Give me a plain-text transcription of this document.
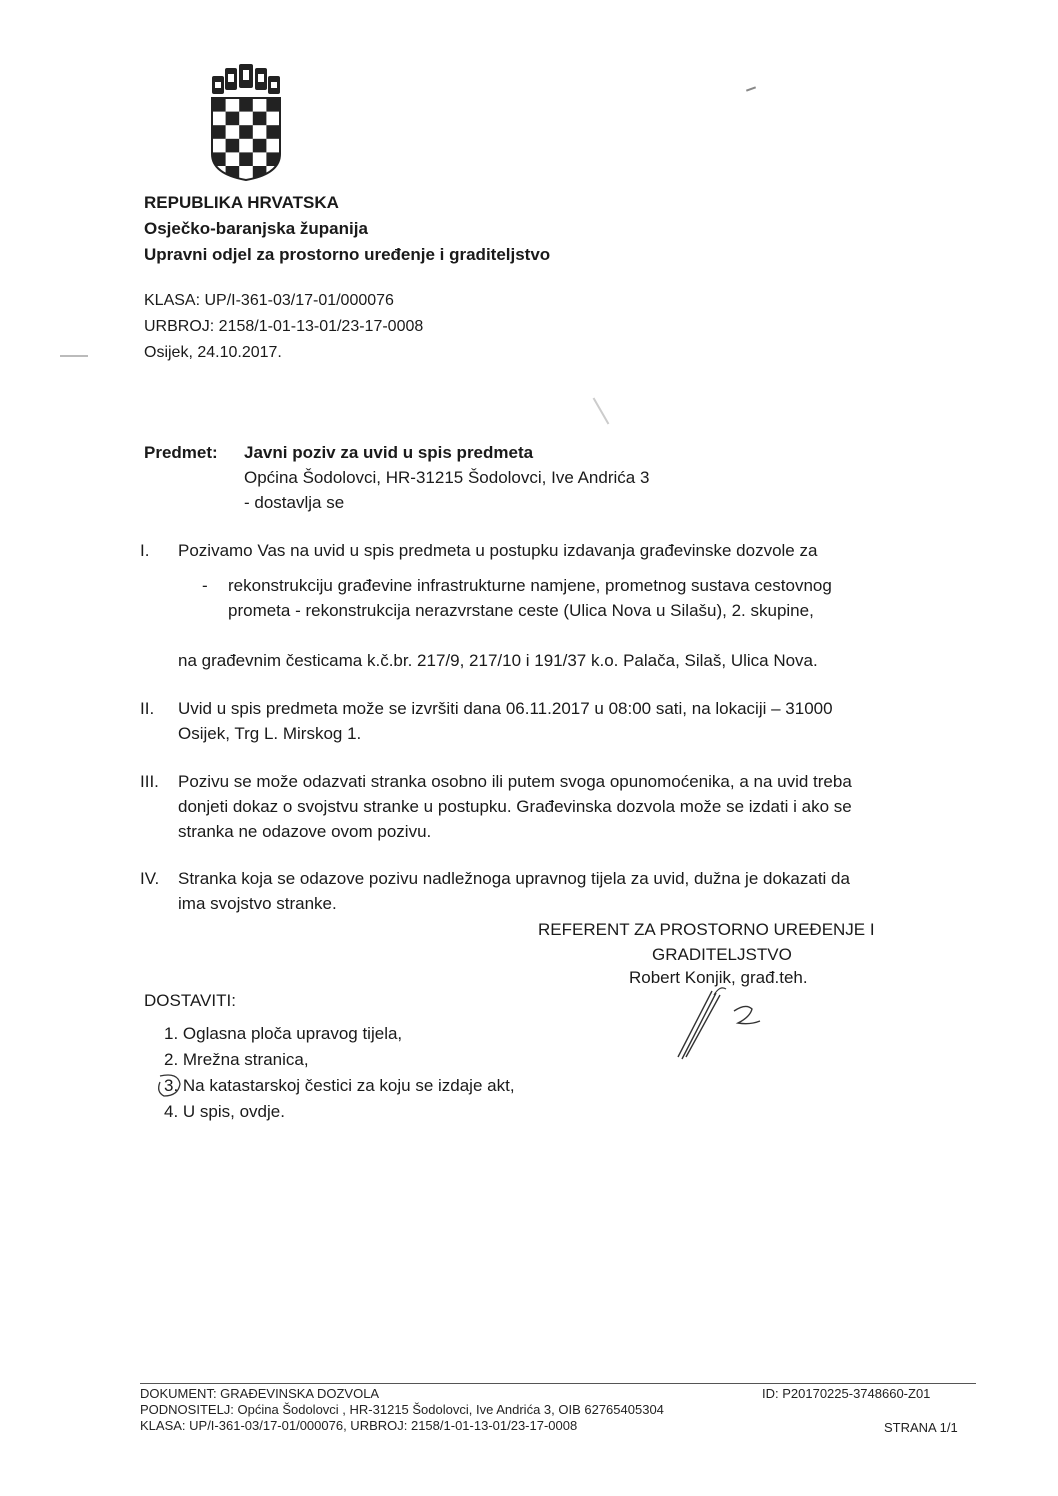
REPUBLIKA HRVATSKA
Osječko-baranjska županija
Upravni odjel za prostorno uređenje i graditeljstvo
KLASA: UP/I-361-03/17-01/000076
URBROJ: 2158/1-01-13-01/23-17-0008
Osijek, 24.10.2017.
Predmet: Javni poziv za uvid u spis predmeta
Općina Šodolovci, HR-31215 Šodolovci, Ive Andrića 3
- dostavlja se
I. Pozivamo Vas na uvid u spis predmeta u postupku izdavanja građevinske dozvole za
- rekonstrukciju građevine infrastrukturne namjene, prometnog sustava cestovnog
prometa - rekonstrukcija nerazvrstane ceste (Ulica Nova u Silašu), 2. skupine,
na građevnim česticama k.č.br. 217/9, 217/10 i 191/37 k.o. Palača, Silaš, Ulica Nova.
II. Uvid u spis predmeta može se izvršiti dana 06.11.2017 u 08:00 sati, na lokaciji – 31000
Osijek, Trg L. Mirskog 1.
III. Pozivu se može odazvati stranka osobno ili putem svoga opunomoćenika, a na uvid treba
donjeti dokaz o svojstvu stranke u postupku. Građevinska dozvola može se izdati i ako se
stranka ne odazove ovom pozivu.
IV. Stranka koja se odazove pozivu nadležnoga upravnog tijela za uvid, dužna je dokazati da
ima svojstvo stranke.
REFERENT ZA PROSTORNO UREĐENJE I
GRADITELJSTVO
Robert Konjik, građ.teh.
DOSTAVITI:
1. Oglasna ploča upravog tijela,
2. Mrežna stranica,
3. Na katastarskoj čestici za koju se izdaje akt,
4. U spis, ovdje.
DOKUMENT: GRAĐEVINSKA DOZVOLA	ID: P20170225-3748660-Z01
PODNOSITELJ: Općina Šodolovci , HR-31215 Šodolovci, Ive Andrića 3, OIB 62765405304
KLASA: UP/I-361-03/17-01/000076, URBROJ: 2158/1-01-13-01/23-17-0008	STRANA 1/1
